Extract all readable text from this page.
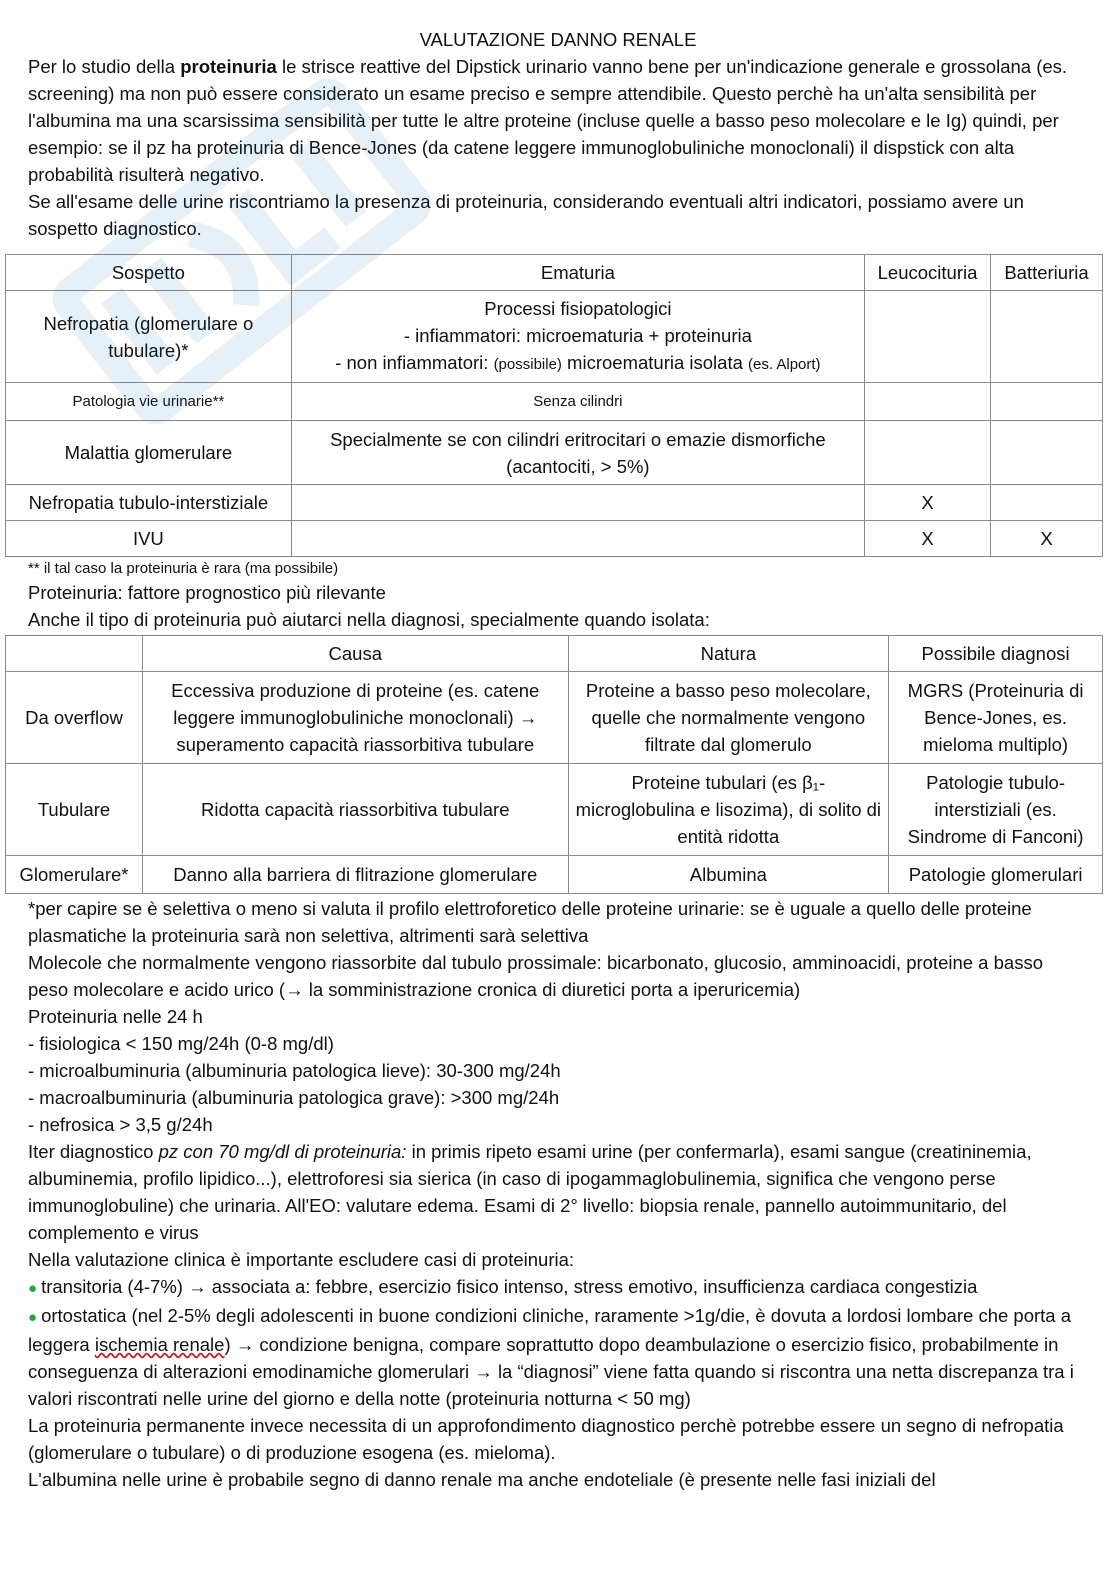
VALUTAZIONE DANNO RENALE

Per lo studio della proteinuria le strisce reattive del Dipstick urinario vanno bene per un'indicazione generale e grossolana (es. screening) ma non può essere considerato un esame preciso e sempre attendibile. Questo perchè ha un'alta sensibilità per l'albumina ma una scarsissima sensibilità per tutte le altre proteine (incluse quelle a basso peso molecolare e le Ig) quindi, per esempio: se il pz ha proteinuria di Bence-Jones (da catene leggere immunoglobuliniche monoclonali) il dispstick con alta probabilità risulterà negativo.

Se all'esame delle urine riscontriamo la presenza di proteinuria, considerando eventuali altri indicatori, possiamo avere un sospetto diagnostico.

Sospetto	Ematuria	Leucocituria	Batteriuria
Nefropatia (glomerulare o tubulare)*	Processi fisiopatologici
- infiammatori: microematuria + proteinuria
- non infiammatori: (possibile) microematuria isolata (es. Alport)		

Patologia vie urinarie**	Senza cilindri		
Malattia glomerulare	Specialmente se con cilindri eritrocitari o emazie dismorfiche (acantociti, > 5%)		
Nefropatia tubulo-interstiziale		X	
IVU		X	X
** il tal caso la proteinuria è rara (ma possibile)

Proteinuria: fattore prognostico più rilevante

Anche il tipo di proteinuria può aiutarci nella diagnosi, specialmente quando isolata:

	Causa	Natura	Possibile diagnosi
Da overflow	Eccessiva produzione di proteine (es. catene leggere immunoglobuliniche monoclonali) → superamento capacità riassorbitiva tubulare	Proteine a basso peso molecolare, quelle che normalmente vengono filtrate dal glomerulo	MGRS (Proteinuria di Bence-Jones, es. mieloma multiplo)
Tubulare	Ridotta capacità riassorbitiva tubulare	Proteine tubulari (es β₁-microglobulina e lisozima), di solito di entità ridotta	Patologie tubulo-interstiziali (es. Sindrome di Fanconi)
Glomerulare*	Danno alla barriera di flitrazione glomerulare	Albumina	Patologie glomerulari

*per capire se è selettiva o meno si valuta il profilo elettroforetico delle proteine urinarie: se è uguale a quello delle proteine plasmatiche la proteinuria sarà non selettiva, altrimenti sarà selettiva

Molecole che normalmente vengono riassorbite dal tubulo prossimale: bicarbonato, glucosio, amminoacidi, proteine a basso peso molecolare e acido urico (→ la somministrazione cronica di diuretici porta a iperuricemia)

Proteinuria nelle 24 h

- fisiologica < 150 mg/24h (0-8 mg/dl)

- microalbuminuria (albuminuria patologica lieve): 30-300 mg/24h

- macroalbuminuria (albuminuria patologica grave): >300 mg/24h

- nefrosica > 3,5 g/24h

Iter diagnostico pz con 70 mg/dl di proteinuria: in primis ripeto esami urine (per confermarla), esami sangue (creatininemia, albuminemia, profilo lipidico...), elettroforesi sia sierica (in caso di ipogammaglobulinemia, significa che vengono perse immunoglobuline) che urinaria. All'EO: valutare edema. Esami di 2° livello: biopsia renale, pannello autoimmunitario, del complemento e virus

Nella valutazione clinica è importante escludere casi di proteinuria:

● transitoria (4-7%) → associata a: febbre, esercizio fisico intenso, stress emotivo, insufficienza cardiaca congestizia

● ortostatica (nel 2-5% degli adolescenti in buone condizioni cliniche, raramente >1g/die, è dovuta a lordosi lombare che porta a leggera ischemia renale) → condizione benigna, compare soprattutto dopo deambulazione o esercizio fisico, probabilmente in conseguenza di alterazioni emodinamiche glomerulari → la “diagnosi” viene fatta quando si riscontra una netta discrepanza tra i valori riscontrati nelle urine del giorno e della notte (proteinuria notturna < 50 mg)

La proteinuria permanente invece necessita di un approfondimento diagnostico perchè potrebbe essere un segno di nefropatia (glomerulare o tubulare) o di produzione esogena (es. mieloma).

L'albumina nelle urine è probabile segno di danno renale ma anche endoteliale (è presente nelle fasi iniziali del
